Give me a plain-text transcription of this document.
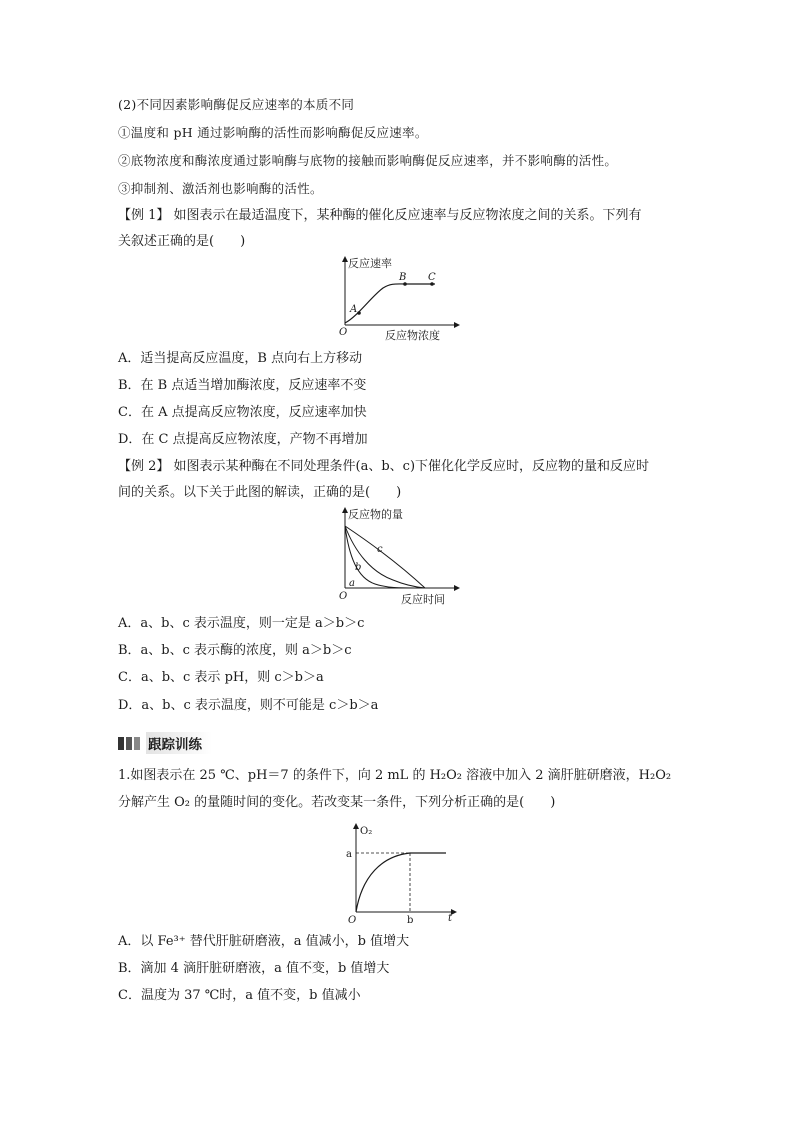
(2)不同因素影响酶促反应速率的本质不同
①温度和 pH 通过影响酶的活性而影响酶促反应速率。
②底物浓度和酶浓度通过影响酶与底物的接触而影响酶促反应速率，并不影响酶的活性。
③抑制剂、激活剂也影响酶的活性。
【例 1】 如图表示在最适温度下，某种酶的催化反应速率与反应物浓度之间的关系。下列有
关叙述正确的是(　　)
反应速率
A
B C
O	反应物浓度
A．适当提高反应温度，B 点向右上方移动
B．在 B 点适当增加酶浓度，反应速率不变
C．在 A 点提高反应物浓度，反应速率加快
D．在 C 点提高反应物浓度，产物不再增加
【例 2】 如图表示某种酶在不同处理条件(a、b、c)下催化化学反应时，反应物的量和反应时
间的关系。以下关于此图的解读，正确的是(　　)
反应物的量
c
b
a
O	反应时间
A．a、b、c 表示温度，则一定是 a＞b＞c
B．a、b、c 表示酶的浓度，则 a＞b＞c
C．a、b、c 表示 pH，则 c＞b＞a
D．a、b、c 表示温度，则不可能是 c＞b＞a
跟踪训练
1.如图表示在 25 ℃、pH＝7 的条件下，向 2 mL 的 H₂O₂ 溶液中加入 2 滴肝脏研磨液，H₂O₂
分解产生 O₂ 的量随时间的变化。若改变某一条件，下列分析正确的是(　　)
O₂
a
O	b	t
A．以 Fe³⁺ 替代肝脏研磨液，a 值减小，b 值增大
B．滴加 4 滴肝脏研磨液，a 值不变，b 值增大
C．温度为 37 ℃时，a 值不变，b 值减小
